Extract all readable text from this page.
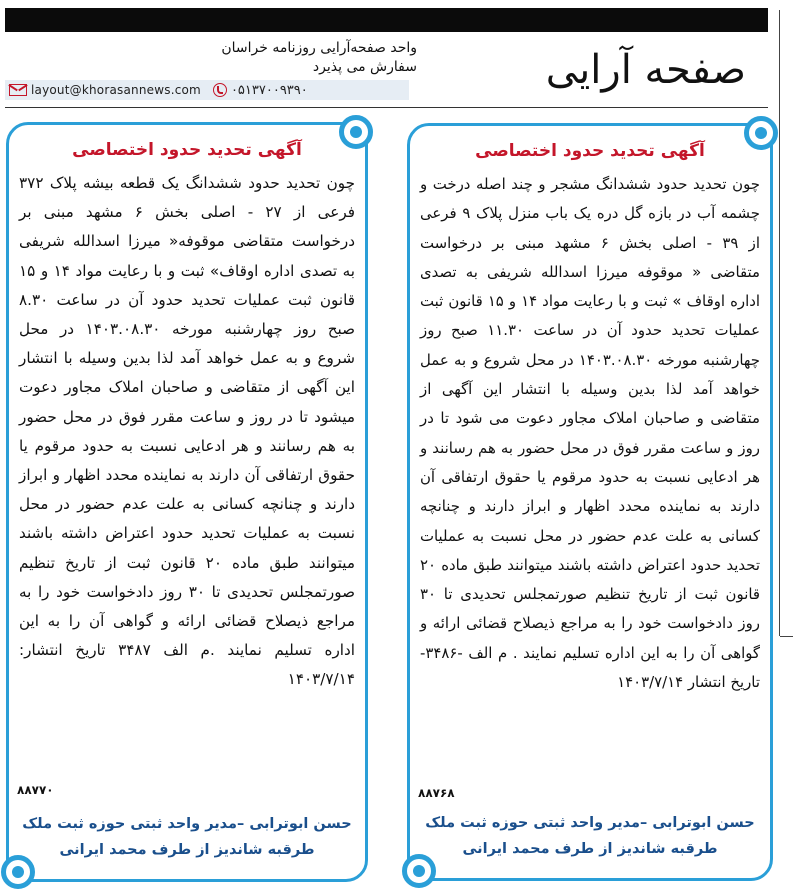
صفحه آرایی
واحد صفحه‌آرایی روزنامه خراسان
سفارش می پذیرد
layout@khorasannews.com ۰۵۱۳۷۰۰۹۳۹۰
آگهی تحدید حدود اختصاصی
چون تحدید حدود ششدانگ مشجر و چند اصله درخت و چشمه آب در بازه گل دره یک باب منزل پلاک ۹ فرعی از ۳۹ - اصلی بخش ۶ مشهد مبنی بر درخواست متقاضی « موقوفه میرزا اسدالله شریفی به تصدی اداره اوقاف » ثبت و با رعایت مواد ۱۴ و ۱۵ قانون ثبت عملیات تحدید حدود آن در ساعت ۱۱.۳۰ صبح روز چهارشنبه مورخه ۱۴۰۳.۰۸.۳۰ در محل شروع و به عمل خواهد آمد لذا بدین وسیله با انتشار این آگهی از متقاضی و صاحبان املاک مجاور دعوت می شود تا در روز و ساعت مقرر فوق در محل حضور به هم رسانند و هر ادعایی نسبت به حدود مرقوم یا حقوق ارتفاقی آن دارند به نماینده محدد اظهار و ابراز دارند و چنانچه کسانی به علت عدم حضور در محل نسبت به عملیات تحدید حدود اعتراض داشته باشند میتوانند طبق ماده ۲۰ قانون ثبت از تاریخ تنظیم صورتمجلس تحدیدی تا ۳۰ روز دادخواست خود را به مراجع ذیصلاح قضائی ارائه و گواهی آن را به این اداره تسلیم نمایند . م الف -۳۴۸۶- تاریخ انتشار ۱۴۰۳/۷/۱۴
۸۸۷۶۸
حسن ابوترابی –مدیر واحد ثبتی حوزه ثبت ملک
طرقبه شاندیز از طرف محمد ایرانی
آگهی تحدید حدود اختصاصی
چون تحدید حدود ششدانگ یک قطعه بیشه پلاک ۳۷۲ فرعی از ۲۷ - اصلی بخش ۶ مشهد مبنی بر درخواست متقاضی موقوفه« میرزا اسدالله شریفی به تصدی اداره اوقاف» ثبت و با رعایت مواد ۱۴ و ۱۵ قانون ثبت عملیات تحدید حدود آن در ساعت ۸.۳۰ صبح روز چهارشنبه مورخه ۱۴۰۳.۰۸.۳۰ در محل شروع و به عمل خواهد آمد لذا بدین وسیله با انتشار این آگهی از متقاضی و صاحبان املاک مجاور دعوت میشود تا در روز و ساعت مقرر فوق در محل حضور به هم رسانند و هر ادعایی نسبت به حدود مرقوم یا حقوق ارتفاقی آن دارند به نماینده محدد اظهار و ابراز دارند و چنانچه کسانی به علت عدم حضور در محل نسبت به عملیات تحدید حدود اعتراض داشته باشند میتوانند طبق ماده ۲۰ قانون ثبت از تاریخ تنظیم صورتمجلس تحدیدی تا ۳۰ روز دادخواست خود را به مراجع ذیصلاح قضائی ارائه و گواهی آن را به این اداره تسلیم نمایند .م الف ۳۴۸۷ تاریخ انتشار: ۱۴۰۳/۷/۱۴
۸۸۷۷۰
حسن ابوترابی –مدیر واحد ثبتی حوزه ثبت ملک
طرقبه شاندیز از طرف محمد ایرانی
